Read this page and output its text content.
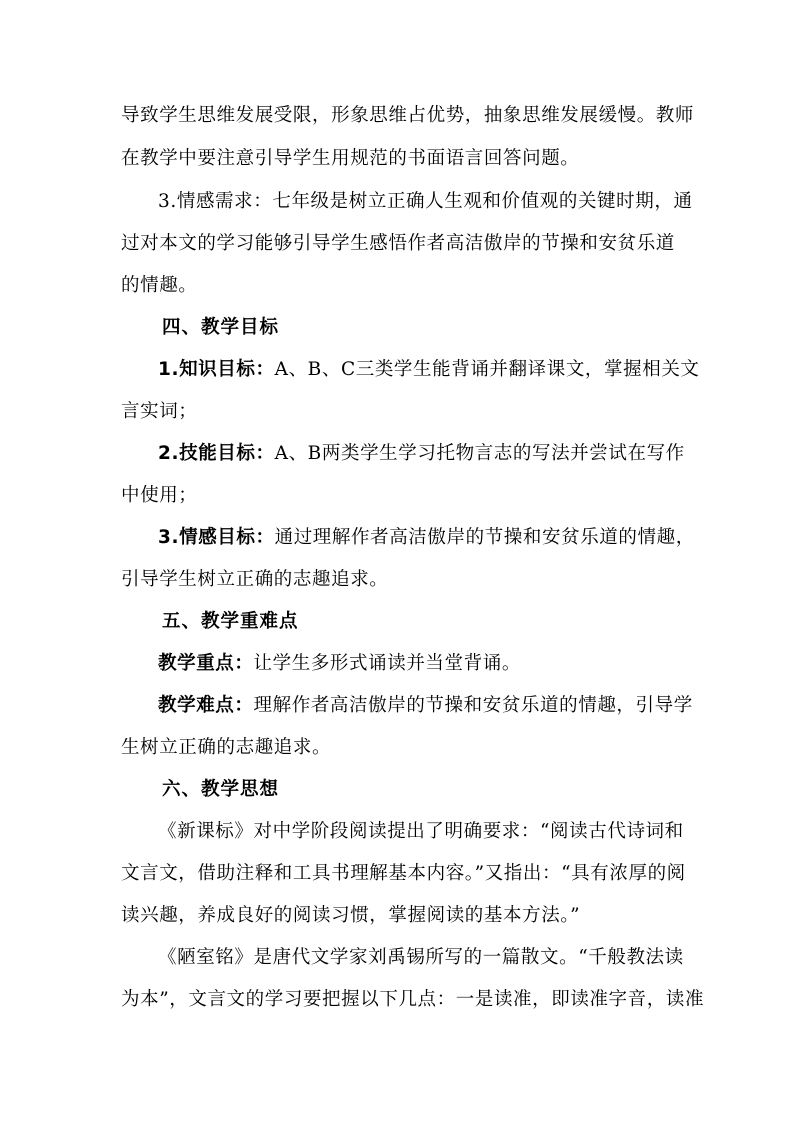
导致学生思维发展受限，形象思维占优势，抽象思维发展缓慢。教师
在教学中要注意引导学生用规范的书面语言回答问题。
3.情感需求：七年级是树立正确人生观和价值观的关键时期，通
过对本文的学习能够引导学生感悟作者高洁傲岸的节操和安贫乐道
的情趣。
四、教学目标
1.知识目标：A、B、C三类学生能背诵并翻译课文，掌握相关文
言实词；
2.技能目标：A、B两类学生学习托物言志的写法并尝试在写作
中使用；
3.情感目标：通过理解作者高洁傲岸的节操和安贫乐道的情趣，
引导学生树立正确的志趣追求。
五、教学重难点
教学重点：让学生多形式诵读并当堂背诵。
教学难点：理解作者高洁傲岸的节操和安贫乐道的情趣，引导学
生树立正确的志趣追求。
六、教学思想
《新课标》对中学阶段阅读提出了明确要求：“阅读古代诗词和
文言文，借助注释和工具书理解基本内容。”又指出：“具有浓厚的阅
读兴趣，养成良好的阅读习惯，掌握阅读的基本方法。”
《陋室铭》是唐代文学家刘禹锡所写的一篇散文。“千般教法读
为本”，文言文的学习要把握以下几点：一是读准，即读准字音，读准
